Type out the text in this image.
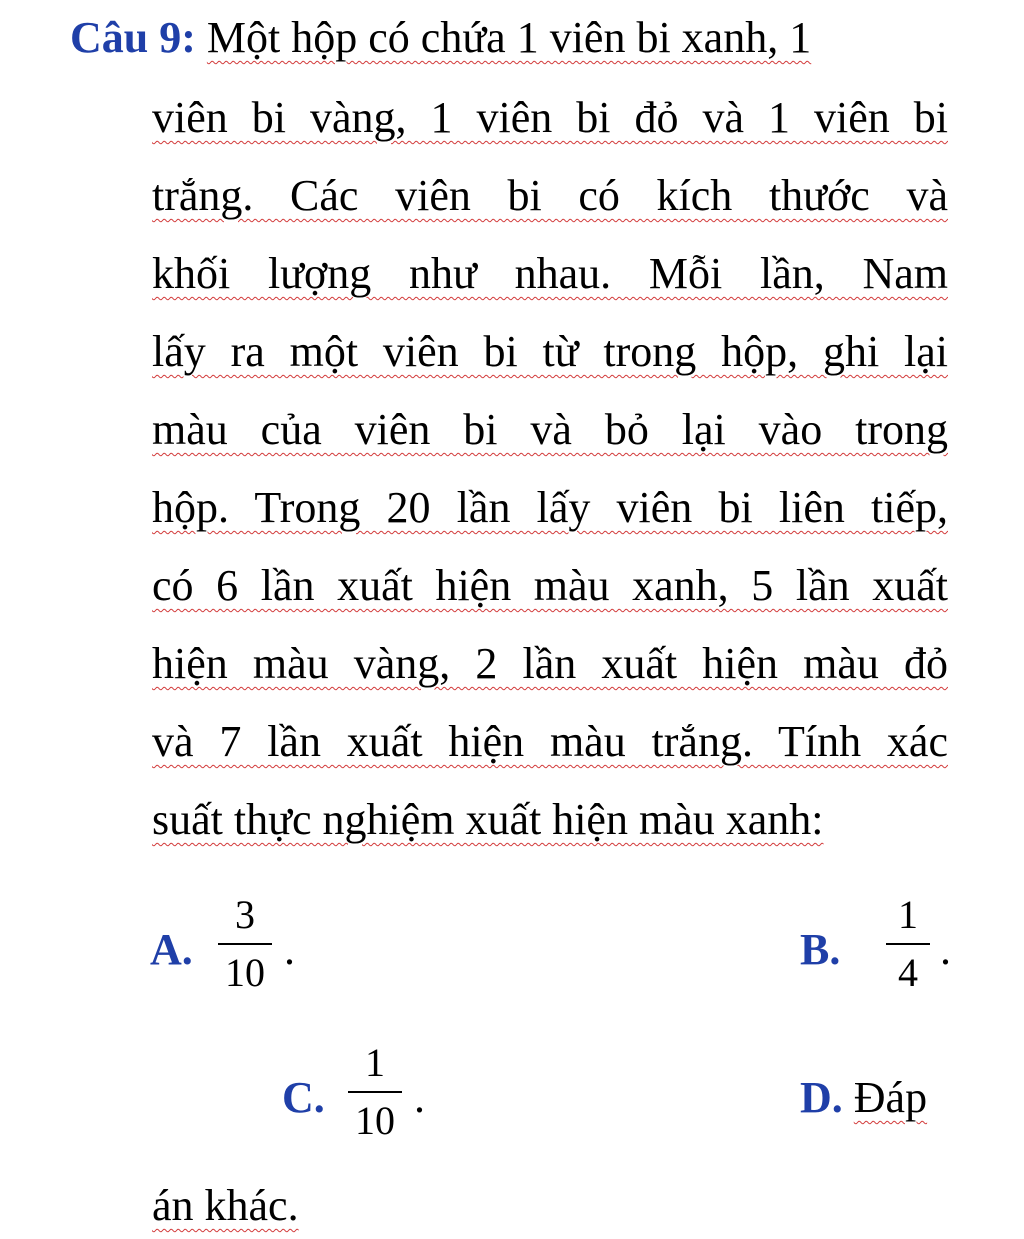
Câu 9: Một hộp có chứa 1 viên bi xanh, 1
viên bi vàng, 1 viên bi đỏ và 1 viên bi
trắng. Các viên bi có kích thước và
khối lượng như nhau. Mỗi lần, Nam
lấy ra một viên bi từ trong hộp, ghi lại
màu của viên bi và bỏ lại vào trong
hộp. Trong 20 lần lấy viên bi liên tiếp,
có 6 lần xuất hiện màu xanh, 5 lần xuất
hiện màu vàng, 2 lần xuất hiện màu đỏ
và 7 lần xuất hiện màu trắng. Tính xác
suất thực nghiệm xuất hiện màu xanh:
A.
3
10 .	B.
1
4 .
C.
1
10 .	D. Đáp
án khác.
